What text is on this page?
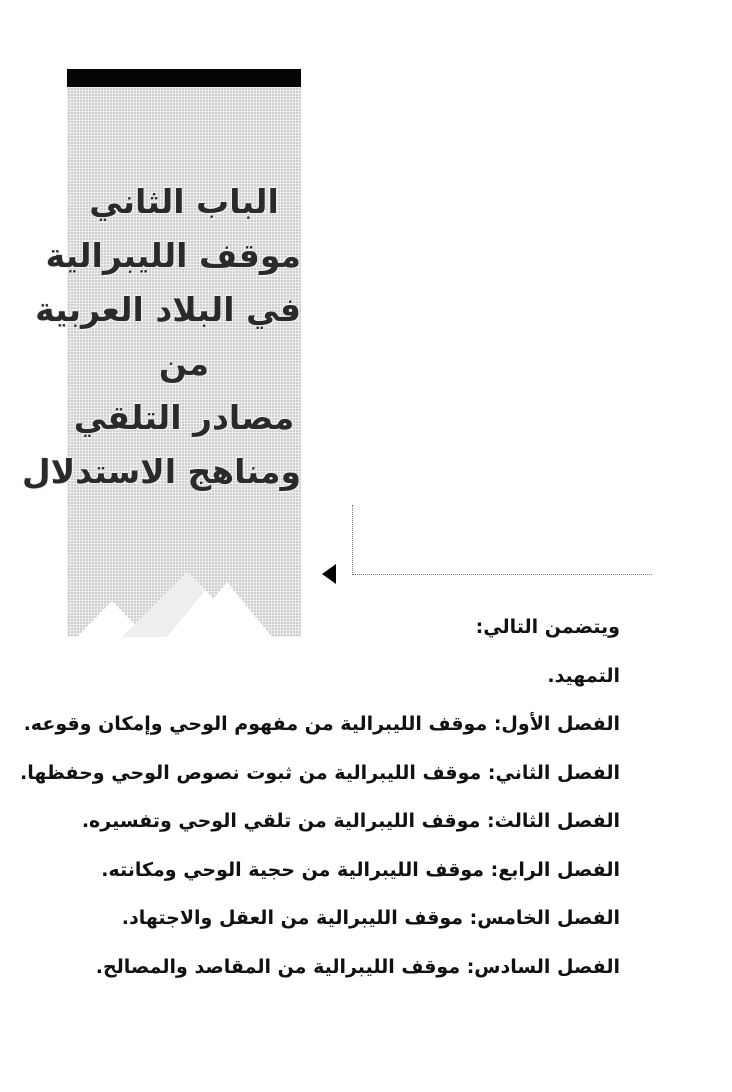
الباب الثاني
موقف الليبرالية
في البلاد العربية
من
مصادر التلقي
ومناهج الاستدلال
ويتضمن التالي:
التمهيد.
الفصل الأول: موقف الليبرالية من مفهوم الوحي وإمكان وقوعه.
الفصل الثاني: موقف الليبرالية من ثبوت نصوص الوحي وحفظها.
الفصل الثالث: موقف الليبرالية من تلقي الوحي وتفسيره.
الفصل الرابع: موقف الليبرالية من حجية الوحي ومكانته.
الفصل الخامس: موقف الليبرالية من العقل والاجتهاد.
الفصل السادس: موقف الليبرالية من المقاصد والمصالح.
